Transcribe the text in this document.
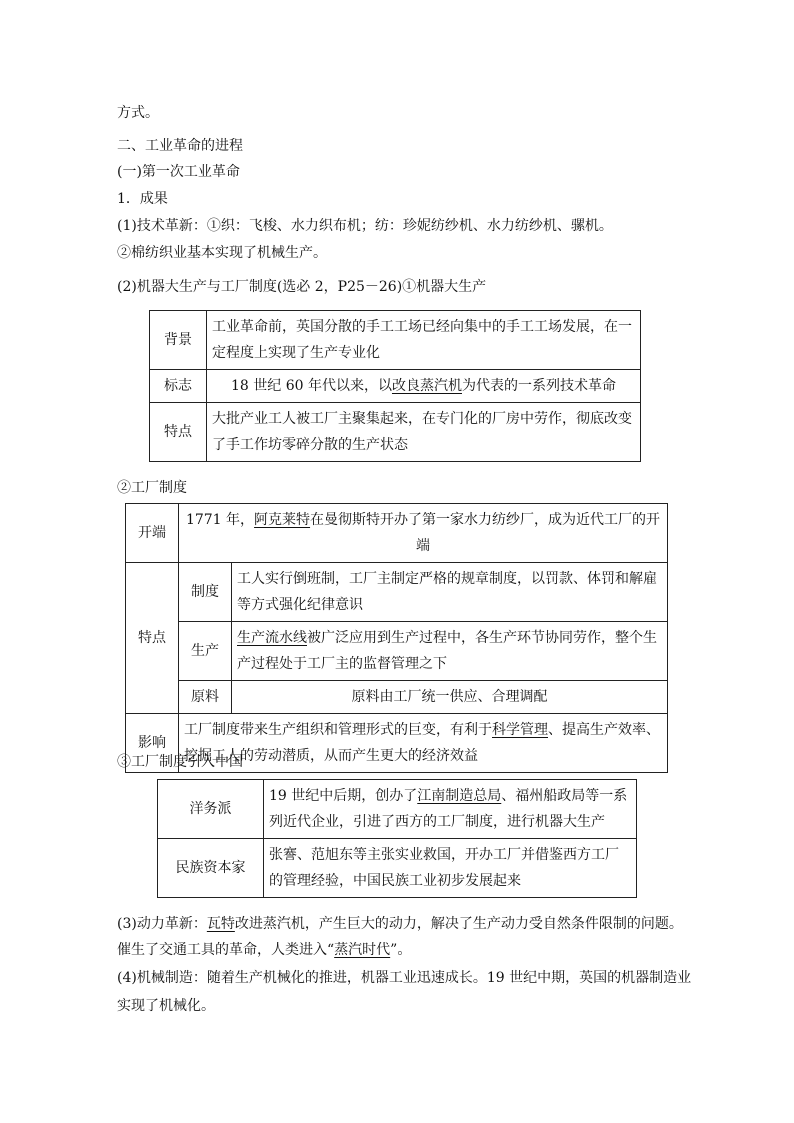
方式。
二、工业革命的进程
(一)第一次工业革命
1．成果
(1)技术革新：①织：飞梭、水力织布机；纺：珍妮纺纱机、水力纺纱机、骡机。
②棉纺织业基本实现了机械生产。
(2)机器大生产与工厂制度(选必 2，P25－26)①机器大生产
背景	工业革命前，英国分散的手工工场已经向集中的手工工场发展，在一定程度上实现了生产专业化
标志	18 世纪 60 年代以来，以改良蒸汽机为代表的一系列技术革命
特点	大批产业工人被工厂主聚集起来，在专门化的厂房中劳作，彻底改变了手工作坊零碎分散的生产状态
②工厂制度
开端	1771 年，阿克莱特在曼彻斯特开办了第一家水力纺纱厂，成为近代工厂的开端	
特点	制度	工人实行倒班制，工厂主制定严格的规章制度，以罚款、体罚和解雇等方式强化纪律意识
	生产	生产流水线被广泛应用到生产过程中，各生产环节协同劳作，整个生产过程处于工厂主的监督管理之下
	原料	原料由工厂统一供应、合理调配
影响	工厂制度带来生产组织和管理形式的巨变，有利于科学管理、提高生产效率、挖掘工人的劳动潜质，从而产生更大的经济效益	
③工厂制度引入中国
洋务派	19 世纪中后期，创办了江南制造总局、福州船政局等一系列近代企业，引进了西方的工厂制度，进行机器大生产
民族资本家	张謇、范旭东等主张实业救国，开办工厂并借鉴西方工厂的管理经验，中国民族工业初步发展起来
(3)动力革新：瓦特改进蒸汽机，产生巨大的动力，解决了生产动力受自然条件限制的问题。
催生了交通工具的革命，人类进入“蒸汽时代”。
(4)机械制造：随着生产机械化的推进，机器工业迅速成长。19 世纪中期，英国的机器制造业
实现了机械化。
